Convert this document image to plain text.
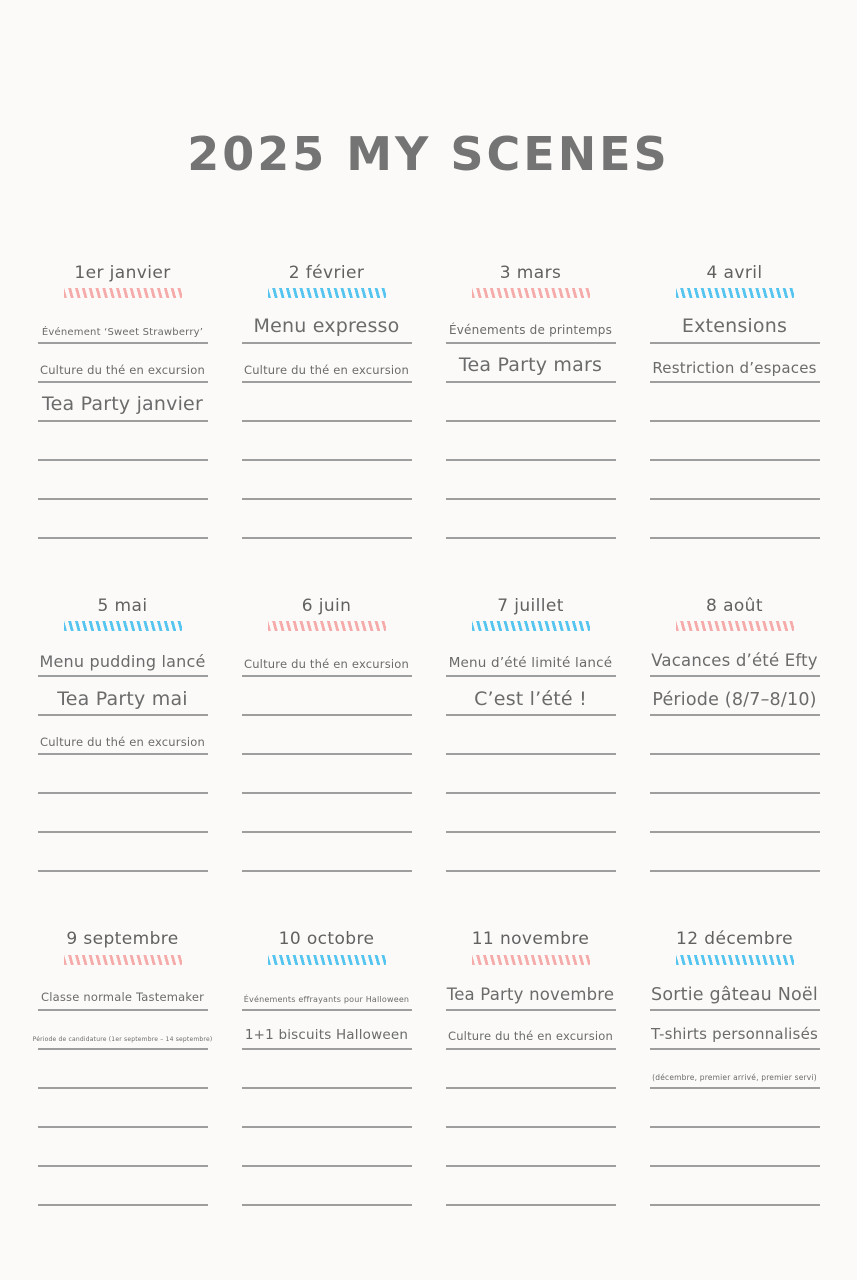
2025 MY SCENES
1er janvier
Événement ‘Sweet Strawberry’
Culture du thé en excursion
Tea Party janvier
2 février
Menu expresso
Culture du thé en excursion
3 mars
Événements de printemps
Tea Party mars
4 avril
Extensions
Restriction d’espaces
5 mai
Menu pudding lancé
Tea Party mai
Culture du thé en excursion
6 juin
Culture du thé en excursion
7 juillet
Menu d’été limité lancé
C’est l’été !
8 août
Vacances d’été Efty
Période (8/7–8/10)
9 septembre
Classe normale Tastemaker
Période de candidature (1er septembre – 14 septembre)
10 octobre
Événements effrayants pour Halloween
1+1 biscuits Halloween
11 novembre
Tea Party novembre
Culture du thé en excursion
12 décembre
Sortie gâteau Noël
T-shirts personnalisés
(décembre, premier arrivé, premier servi)
